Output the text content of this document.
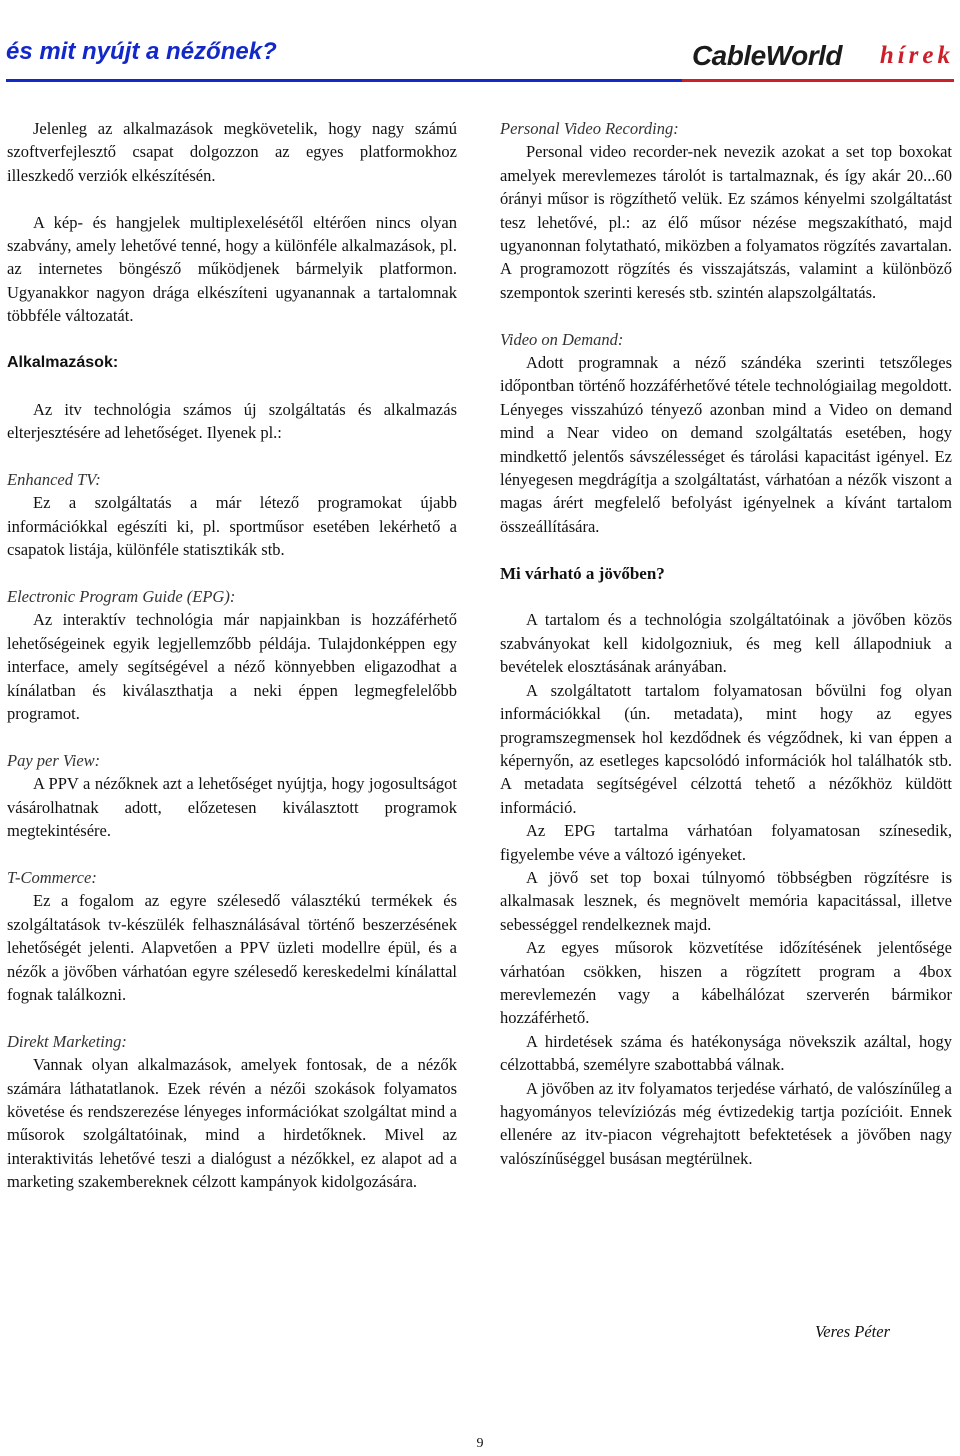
és mit nyújt a nézőnek?	CableWorld	hírek

Jelenleg az alkalmazások megkövetelik, hogy nagy számú szoftverfejlesztő csapat dolgozzon az egyes platformokhoz illeszkedő verziók elkészítésén.

A kép- és hangjelek multiplexelésétől eltérően nincs olyan szabvány, amely lehetővé tenné, hogy a különféle alkalmazások, pl. az internetes böngésző működjenek bármelyik platformon. Ugyanakkor nagyon drága elkészíteni ugyanannak a tartalomnak többféle változatát.

Alkalmazások:

Az itv technológia számos új szolgáltatás és alkalmazás elterjesztésére ad lehetőséget. Ilyenek pl.:

Enhanced TV:

Ez a szolgáltatás a már létező programokat újabb információkkal egészíti ki, pl. sportműsor esetében lekérhető a csapatok listája, különféle statisztikák stb.

Electronic Program Guide (EPG):

Az interaktív technológia már napjainkban is hozzáférhető lehetőségeinek egyik legjellemzőbb példája. Tulajdonképpen egy interface, amely segítségével a néző könnyebben eligazodhat a kínálatban és kiválaszthatja a neki éppen legmegfelelőbb programot.

Pay per View:

A PPV a nézőknek azt a lehetőséget nyújtja, hogy jogosultságot vásárolhatnak adott, előzetesen kiválasztott programok megtekintésére.

T-Commerce:

Ez a fogalom az egyre szélesedő választékú termékek és szolgáltatások tv-készülék felhasználásával történő beszerzésének lehetőségét jelenti. Alapvetően a PPV üzleti modellre épül, és a nézők a jövőben várhatóan egyre szélesedő kereskedelmi kínálattal fognak találkozni.

Direkt Marketing:

Vannak olyan alkalmazások, amelyek fontosak, de a nézők számára láthatatlanok. Ezek révén a nézői szokások folyamatos követése és rendszerezése lényeges információkat szolgáltat mind a műsorok szolgáltatóinak, mind a hirdetőknek. Mivel az interaktivitás lehetővé teszi a dialógust a nézőkkel, ez alapot ad a marketing szakembereknek célzott kampányok kidolgozására.

Personal Video Recording:

Personal video recorder-nek nevezik azokat a set top boxokat amelyek merevlemezes tárolót is tartalmaznak, és így akár 20...60 órányi műsor is rögzíthető velük. Ez számos kényelmi szolgáltatást tesz lehetővé, pl.: az élő műsor nézése megszakítható, majd ugyanonnan folytatható, miközben a folyamatos rögzítés zavartalan. A programozott rögzítés és visszajátszás, valamint a különböző szempontok szerinti keresés stb. szintén alapszolgáltatás.

Video on Demand:

Adott programnak a néző szándéka szerinti tetszőleges időpontban történő hozzáférhetővé tétele technológiailag megoldott. Lényeges visszahúzó tényező azonban mind a Video on demand mind a Near video on demand szolgáltatás esetében, hogy mindkettő jelentős sávszélességet és tárolási kapacitást igényel. Ez lényegesen megdrágítja a szolgáltatást, várhatóan a nézők viszont a magas árért megfelelő befolyást igényelnek a kívánt tartalom összeállítására.

Mi várható a jövőben?

A tartalom és a technológia szolgáltatóinak a jövőben közös szabványokat kell kidolgozniuk, és meg kell állapodniuk a bevételek elosztásának arányában.

A szolgáltatott tartalom folyamatosan bővülni fog olyan információkkal (ún. metadata), mint hogy az egyes programszegmensek hol kezdődnek és végződnek, ki van éppen a képernyőn, az esetleges kapcsolódó információk hol találhatók stb. A metadata segítségével célzottá tehető a nézőkhöz küldött információ.

Az EPG tartalma várhatóan folyamatosan színesedik, figyelembe véve a változó igényeket.

A jövő set top boxai túlnyomó többségben rögzítésre is alkalmasak lesznek, és megnövelt memória kapacitással, illetve sebességgel rendelkeznek majd.

Az egyes műsorok közvetítése időzítésének jelentősége várhatóan csökken, hiszen a rögzített program a 4box merevlemezén vagy a kábelhálózat szerverén bármikor hozzáférhető.

A hirdetések száma és hatékonysága növekszik azáltal, hogy célzottabbá, személyre szabottabbá válnak.

A jövőben az itv folyamatos terjedése várható, de valószínűleg a hagyományos televíziózás még évtizedekig tartja pozícióit. Ennek ellenére az itv-piacon végrehajtott befektetések a jövőben nagy valószínűséggel busásan megtérülnek.

Veres Péter
9
